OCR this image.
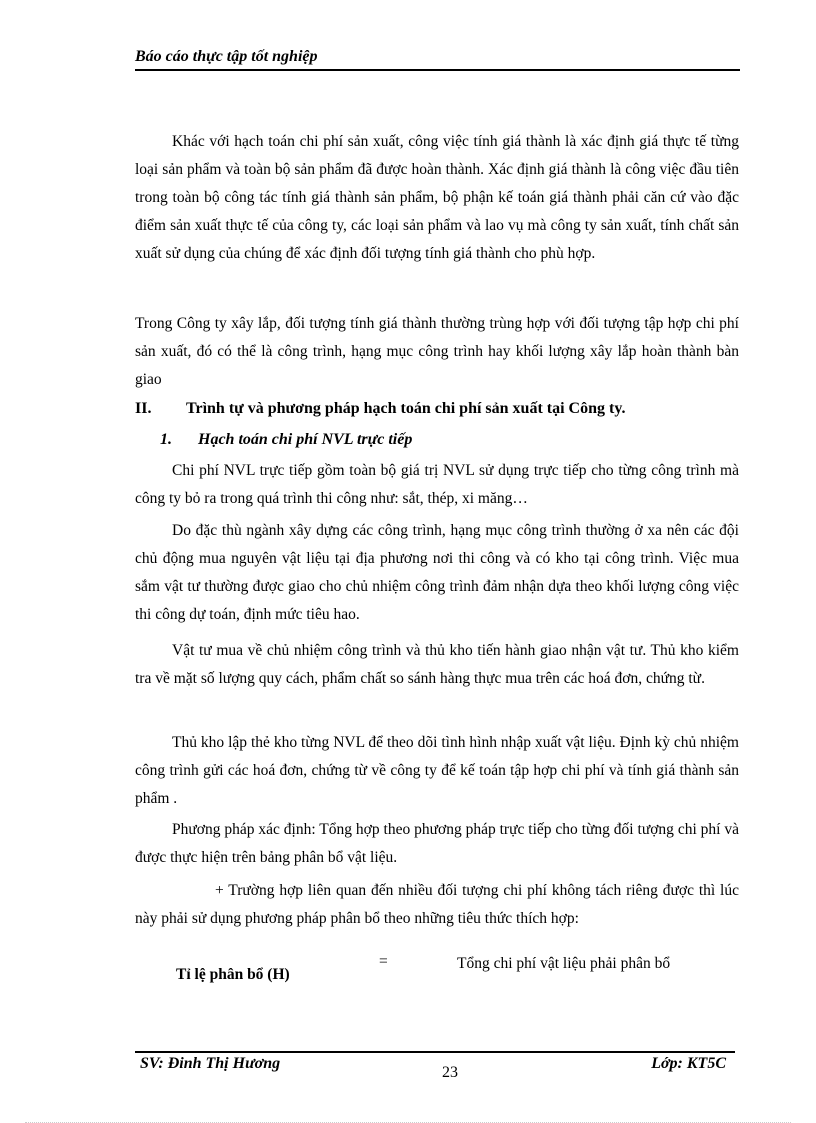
Báo cáo thực tập tốt nghiệp

Khác với hạch toán chi phí sản xuất, công việc tính giá thành là xác định giá thực tế từng loại sản phẩm và toàn bộ sản phẩm đã được hoàn thành. Xác định giá thành là công việc đầu tiên trong toàn bộ công tác tính giá thành sản phẩm, bộ phận kế toán giá thành phải căn cứ vào đặc điểm sản xuất thực tế của công ty, các loại sản phẩm và lao vụ mà công ty sản xuất, tính chất sản xuất sử dụng của chúng để xác định đối tượng tính giá thành cho phù hợp.

Trong Công ty xây lắp, đối tượng tính giá thành thường trùng hợp với đối tượng tập hợp chi phí sản xuất, đó có thể là công trình, hạng mục công trình hay khối lượng xây lắp hoàn thành bàn giao

II. Trình tự và phương pháp hạch toán chi phí sản xuất tại Công ty.
1. Hạch toán chi phí NVL trực tiếp

Chi phí NVL trực tiếp gồm toàn bộ giá trị NVL sử dụng trực tiếp cho từng công trình mà công ty bỏ ra trong quá trình thi công như: sắt, thép, xi măng…

Do đặc thù ngành xây dựng các công trình, hạng mục công trình thường ở xa nên các đội chủ động mua nguyên vật liệu tại địa phương nơi thi công và có kho tại công trình. Việc mua sắm vật tư thường được giao cho chủ nhiệm công trình đảm nhận dựa theo khối lượng công việc thi công dự toán, định mức tiêu hao.

Vật tư mua về chủ nhiệm công trình và thủ kho tiến hành giao nhận vật tư. Thủ kho kiểm tra về mặt số lượng quy cách, phẩm chất so sánh hàng thực mua trên các hoá đơn, chứng từ.

Thủ kho lập thẻ kho từng NVL để theo dõi tình hình nhập xuất vật liệu. Định kỳ chủ nhiệm công trình gửi các hoá đơn, chứng từ về công ty để kế toán tập hợp chi phí và tính giá thành sản phẩm .

Phương pháp xác định: Tổng hợp theo phương pháp trực tiếp cho từng đối tượng chi phí và được thực hiện trên bảng phân bổ vật liệu.

+ Trường hợp liên quan đến nhiều đối tượng chi phí không tách riêng được thì lúc này phải sử dụng phương pháp phân bổ theo những tiêu thức thích hợp:

Tỉ lệ phân bổ (H)
=	Tổng chi phí vật liệu phải phân bổ
SV: Đinh Thị Hương
23
Lớp: KT5C
